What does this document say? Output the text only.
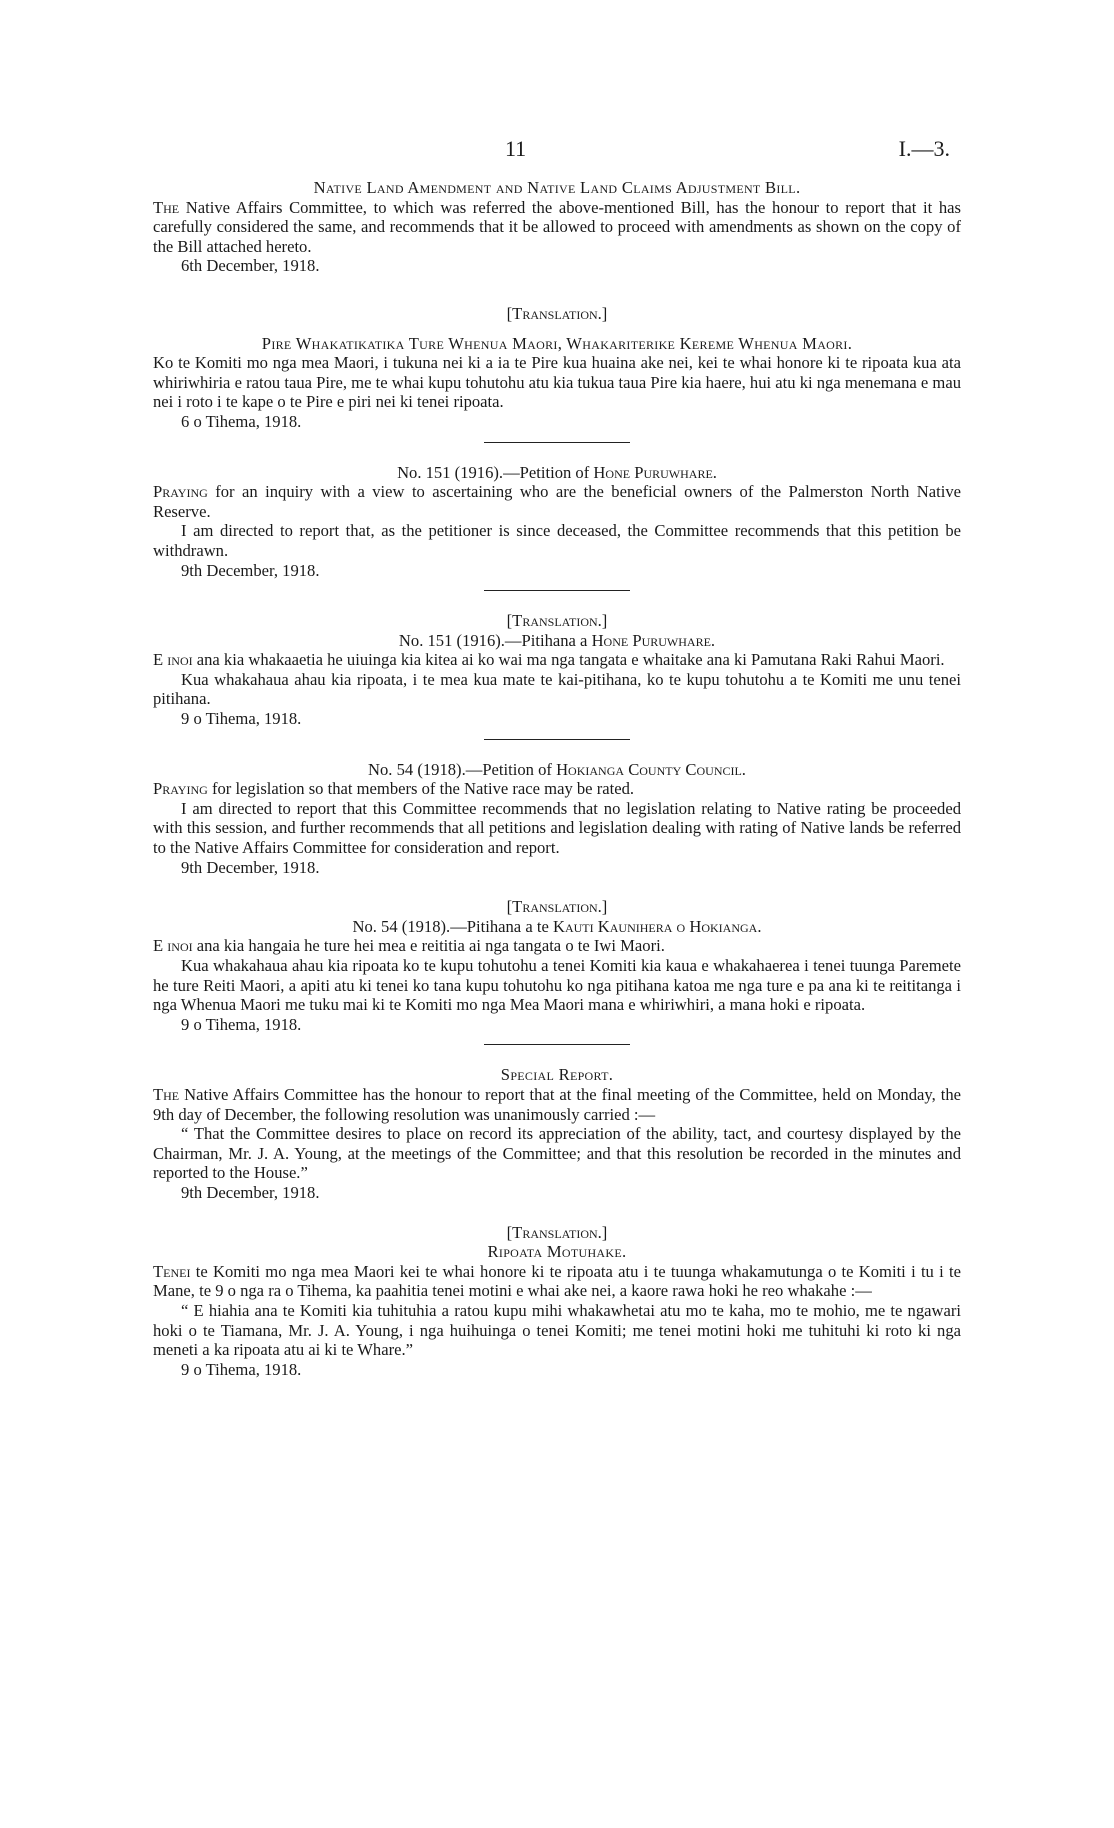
11	I.—3.

Native Land Amendment and Native Land Claims Adjustment Bill.

The Native Affairs Committee, to which was referred the above-mentioned Bill, has the honour to report that it has carefully considered the same, and recommends that it be allowed to proceed with amendments as shown on the copy of the Bill attached hereto.

6th December, 1918.

[Translation.]

Pire Whakatikatika Ture Whenua Maori, Whakariterike Kereme Whenua Maori.

Ko te Komiti mo nga mea Maori, i tukuna nei ki a ia te Pire kua huaina ake nei, kei te whai honore ki te ripoata kua ata whiriwhiria e ratou taua Pire, me te whai kupu tohutohu atu kia tukua taua Pire kia haere, hui atu ki nga menemana e mau nei i roto i te kape o te Pire e piri nei ki tenei ripoata.

6 o Tihema, 1918.

No. 151 (1916).—Petition of Hone Puruwhare.

Praying for an inquiry with a view to ascertaining who are the beneficial owners of the Palmerston North Native Reserve.

I am directed to report that, as the petitioner is since deceased, the Committee recommends that this petition be withdrawn.

9th December, 1918.

[Translation.]

No. 151 (1916).—Pitihana a Hone Puruwhare.

E inoi ana kia whakaaetia he uiuinga kia kitea ai ko wai ma nga tangata e whaitake ana ki Pamutana Raki Rahui Maori.

Kua whakahaua ahau kia ripoata, i te mea kua mate te kai-pitihana, ko te kupu tohutohu a te Komiti me unu tenei pitihana.

9 o Tihema, 1918.

No. 54 (1918).—Petition of Hokianga County Council.

Praying for legislation so that members of the Native race may be rated.

I am directed to report that this Committee recommends that no legislation relating to Native rating be proceeded with this session, and further recommends that all petitions and legislation dealing with rating of Native lands be referred to the Native Affairs Committee for consideration and report.

9th December, 1918.

[Translation.]

No. 54 (1918).—Pitihana a te Kauti Kaunihera o Hokianga.

E inoi ana kia hangaia he ture hei mea e reititia ai nga tangata o te Iwi Maori.

Kua whakahaua ahau kia ripoata ko te kupu tohutohu a tenei Komiti kia kaua e whakahaerea i tenei tuunga Paremete he ture Reiti Maori, a apiti atu ki tenei ko tana kupu tohutohu ko nga pitihana katoa me nga ture e pa ana ki te reititanga i nga Whenua Maori me tuku mai ki te Komiti mo nga Mea Maori mana e whiriwhiri, a mana hoki e ripoata.

9 o Tihema, 1918.

Special Report.

The Native Affairs Committee has the honour to report that at the final meeting of the Committee, held on Monday, the 9th day of December, the following resolution was unanimously carried :—

“ That the Committee desires to place on record its appreciation of the ability, tact, and courtesy displayed by the Chairman, Mr. J. A. Young, at the meetings of the Committee; and that this resolution be recorded in the minutes and reported to the House.”

9th December, 1918.

[Translation.]

Ripoata Motuhake.

Tenei te Komiti mo nga mea Maori kei te whai honore ki te ripoata atu i te tuunga whakamutunga o te Komiti i tu i te Mane, te 9 o nga ra o Tihema, ka paahitia tenei motini e whai ake nei, a kaore rawa hoki he reo whakahe :—

“ E hiahia ana te Komiti kia tuhituhia a ratou kupu mihi whakawhetai atu mo te kaha, mo te mohio, me te ngawari hoki o te Tiamana, Mr. J. A. Young, i nga huihuinga o tenei Komiti; me tenei motini hoki me tuhituhi ki roto ki nga meneti a ka ripoata atu ai ki te Whare.”

9 o Tihema, 1918.
